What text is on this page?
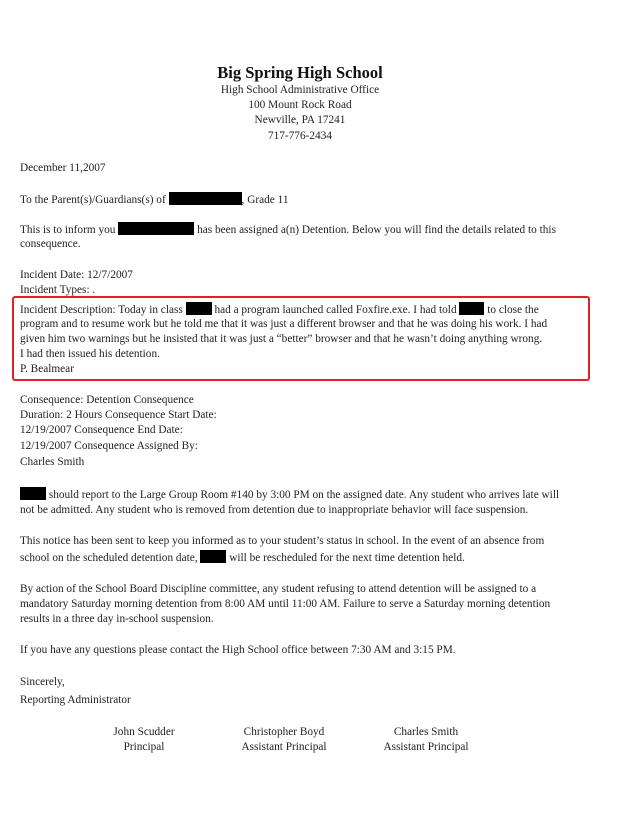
Big Spring High School
High School Administrative Office
100 Mount Rock Road
Newville, PA 17241
717-776-2434
December 11,2007
To the Parent(s)/Guardians(s) of	, Grade 11
This is to inform you	has been assigned a(n) Detention. Below you will find the details related to this
consequence.
Incident Date: 12/7/2007
Incident Types: .
Incident Description: Today in class	had a program launched called Foxfire.exe. I had told	to close the
program and to resume work but he told me that it was just a different browser and that he was doing his work. I had
given him two warnings but he insisted that it was just a “better” browser and that he wasn’t doing anything wrong.
I had then issued his detention.
P. Bealmear
Consequence: Detention Consequence
Duration: 2 Hours Consequence Start Date:
12/19/2007 Consequence End Date:
12/19/2007 Consequence Assigned By:
Charles Smith
should report to the Large Group Room #140 by 3:00 PM on the assigned date. Any student who arrives late will
not be admitted. Any student who is removed from detention due to inappropriate behavior will face suspension.
This notice has been sent to keep you informed as to your student’s status in school. In the event of an absence from
school on the scheduled detention date,	will be rescheduled for the next time detention held.
By action of the School Board Discipline committee, any student refusing to attend detention will be assigned to a
mandatory Saturday morning detention from 8:00 AM until 11:00 AM. Failure to serve a Saturday morning detention
results in a three day in-school suspension.
If you have any questions please contact the High School office between 7:30 AM and 3:15 PM.
Sincerely,
Reporting Administrator
John Scudder
Principal
Christopher Boyd
Assistant Principal
Charles Smith
Assistant Principal
